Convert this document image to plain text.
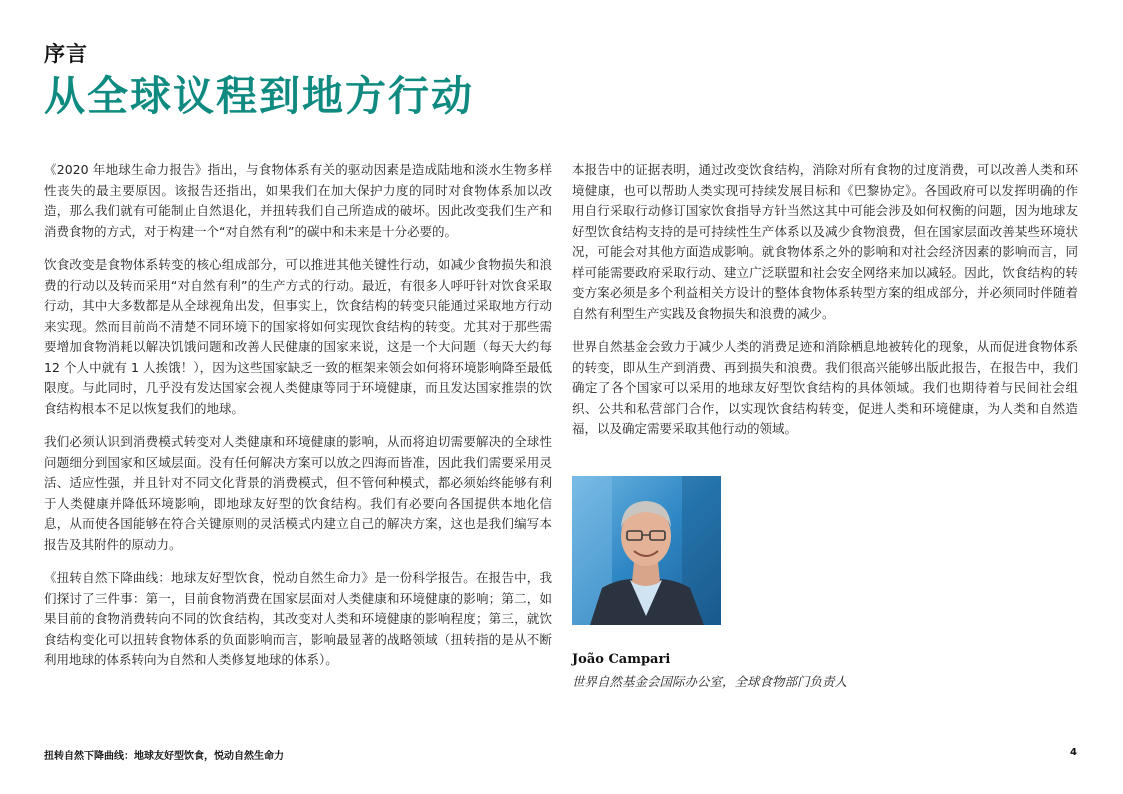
序言
从全球议程到地方行动

《2020 年地球生命力报告》指出，与食物体系有关的驱动因素是造成陆地和淡水生物多样性丧失的最主要原因。该报告还指出，如果我们在加大保护力度的同时对食物体系加以改造，那么我们就有可能制止自然退化，并扭转我们自己所造成的破坏。因此改变我们生产和消费食物的方式，对于构建一个“对自然有利”的碳中和未来是十分必要的。

饮食改变是食物体系转变的核心组成部分，可以推进其他关键性行动，如减少食物损失和浪费的行动以及转而采用“对自然有利”的生产方式的行动。最近，有很多人呼吁针对饮食采取行动，其中大多数都是从全球视角出发，但事实上，饮食结构的转变只能通过采取地方行动来实现。然而目前尚不清楚不同环境下的国家将如何实现饮食结构的转变。尤其对于那些需要增加食物消耗以解决饥饿问题和改善人民健康的国家来说，这是一个大问题（每天大约每 12 个人中就有 1 人挨饿！），因为这些国家缺乏一致的框架来领会如何将环境影响降至最低限度。与此同时，几乎没有发达国家会视人类健康等同于环境健康，而且发达国家推崇的饮食结构根本不足以恢复我们的地球。

我们必须认识到消费模式转变对人类健康和环境健康的影响，从而将迫切需要解决的全球性问题细分到国家和区域层面。没有任何解决方案可以放之四海而皆准，因此我们需要采用灵活、适应性强，并且针对不同文化背景的消费模式，但不管何种模式，都必须始终能够有利于人类健康并降低环境影响，即地球友好型的饮食结构。我们有必要向各国提供本地化信息，从而使各国能够在符合关键原则的灵活模式内建立自己的解决方案，这也是我们编写本报告及其附件的原动力。

《扭转自然下降曲线：地球友好型饮食，悦动自然生命力》是一份科学报告。在报告中，我们探讨了三件事：第一，目前食物消费在国家层面对人类健康和环境健康的影响；第二，如果目前的食物消费转向不同的饮食结构，其改变对人类和环境健康的影响程度；第三，就饮食结构变化可以扭转食物体系的负面影响而言，影响最显著的战略领域（扭转指的是从不断利用地球的体系转向为自然和人类修复地球的体系）。

本报告中的证据表明，通过改变饮食结构，消除对所有食物的过度消费，可以改善人类和环境健康，也可以帮助人类实现可持续发展目标和《巴黎协定》。各国政府可以发挥明确的作用自行采取行动修订国家饮食指导方针当然这其中可能会涉及如何权衡的问题，因为地球友好型饮食结构支持的是可持续性生产体系以及减少食物浪费，但在国家层面改善某些环境状况，可能会对其他方面造成影响。就食物体系之外的影响和对社会经济因素的影响而言，同样可能需要政府采取行动、建立广泛联盟和社会安全网络来加以减轻。因此，饮食结构的转变方案必须是多个利益相关方设计的整体食物体系转型方案的组成部分，并必须同时伴随着自然有利型生产实践及食物损失和浪费的减少。

世界自然基金会致力于减少人类的消费足迹和消除栖息地被转化的现象，从而促进食物体系的转变，即从生产到消费、再到损失和浪费。我们很高兴能够出版此报告，在报告中，我们确定了各个国家可以采用的地球友好型饮食结构的具体领域。我们也期待着与民间社会组织、公共和私营部门合作，以实现饮食结构转变，促进人类和环境健康，为人类和自然造福，以及确定需要采取其他行动的领域。

João Campari
世界自然基金会国际办公室，全球食物部门负责人
扭转自然下降曲线：地球友好型饮食，悦动自然生命力	4
